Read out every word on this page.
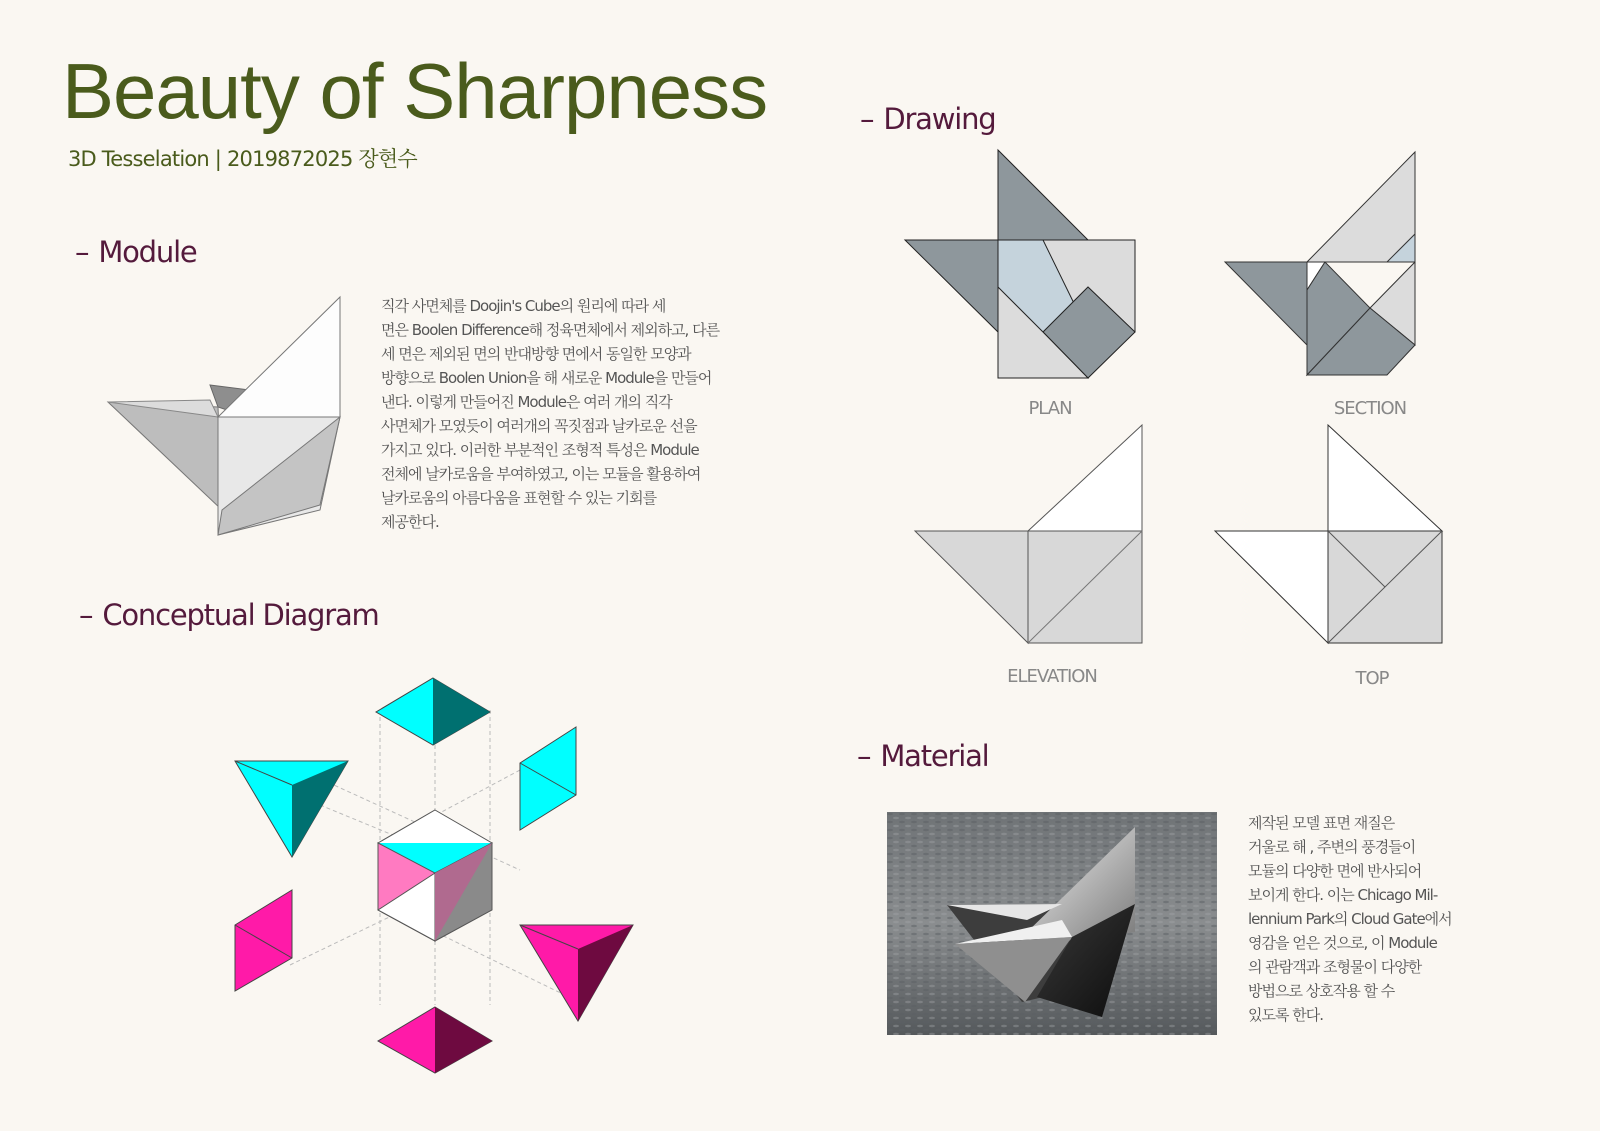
Beauty of Sharpness
3D Tesselation | 2019872025 장현수
– Module
직각 사면체를 Doojin's Cube의 원리에 따라 세
면은 Boolen Difference해 정육면체에서 제외하고, 다른
세 면은 제외된 면의 반대방향 면에서 동일한 모양과
방향으로 Boolen Union을 해 새로운 Module을 만들어
낸다. 이렇게 만들어진 Module은 여러 개의 직각
사면체가 모였듯이 여러개의 꼭짓점과 날카로운 선을
가지고 있다. 이러한 부분적인 조형적 특성은 Module
전체에 날카로움을 부여하였고, 이는 모듈을 활용하여
날카로움의 아름다움을 표현할 수 있는 기회를
제공한다.
– Conceptual Diagram
– Drawing
PLAN	SECTION
ELEVATION	TOP
– Material
제작된 모델 표면 재질은
거울로 해 , 주변의 풍경들이
모듈의 다양한 면에 반사되어
보이게 한다. 이는 Chicago Mil-
lennium Park의 Cloud Gate에서
영감을 얻은 것으로, 이 Module
의 관람객과 조형물이 다양한
방법으로 상호작용 할 수
있도록 한다.
